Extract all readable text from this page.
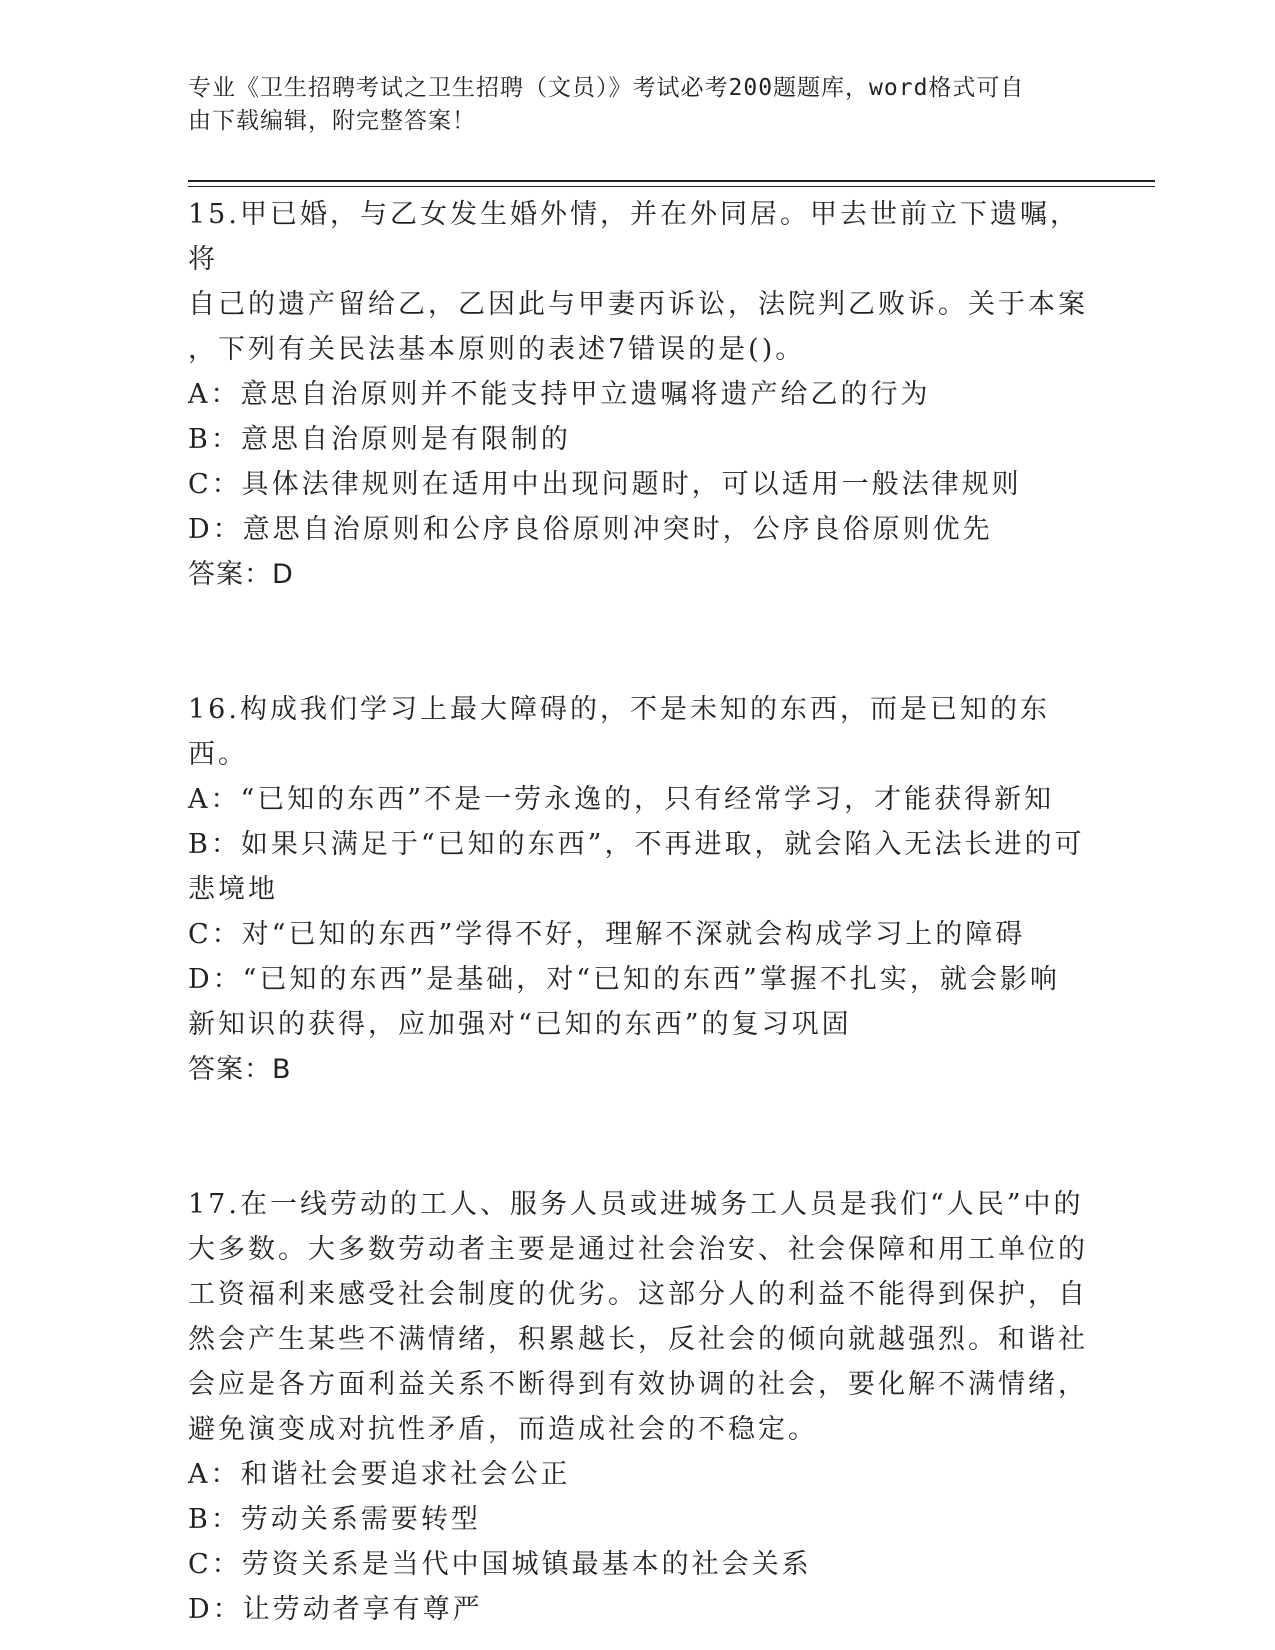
专业《卫生招聘考试之卫生招聘（文员）》考试必考200题题库，word格式可自
由下载编辑，附完整答案！
15.甲已婚，与乙女发生婚外情，并在外同居。甲去世前立下遗嘱，将
自己的遗产留给乙，乙因此与甲妻丙诉讼，法院判乙败诉。关于本案
，下列有关民法基本原则的表述7错误的是()。
A：意思自治原则并不能支持甲立遗嘱将遗产给乙的行为
B：意思自治原则是有限制的
C：具体法律规则在适用中出现问题时，可以适用一般法律规则
D：意思自治原则和公序良俗原则冲突时，公序良俗原则优先
答案：D
16.构成我们学习上最大障碍的，不是未知的东西，而是已知的东西。
A：“已知的东西”不是一劳永逸的，只有经常学习，才能获得新知
B：如果只满足于“已知的东西”，不再进取，就会陷入无法长进的可
悲境地
C：对“已知的东西”学得不好，理解不深就会构成学习上的障碍
D：“已知的东西”是基础，对“已知的东西”掌握不扎实，就会影响
新知识的获得，应加强对“已知的东西”的复习巩固
答案：B
17.在一线劳动的工人、服务人员或进城务工人员是我们“人民”中的
大多数。大多数劳动者主要是通过社会治安、社会保障和用工单位的
工资福利来感受社会制度的优劣。这部分人的利益不能得到保护，自
然会产生某些不满情绪，积累越长，反社会的倾向就越强烈。和谐社
会应是各方面利益关系不断得到有效协调的社会，要化解不满情绪，
避免演变成对抗性矛盾，而造成社会的不稳定。
A：和谐社会要追求社会公正
B：劳动关系需要转型
C：劳资关系是当代中国城镇最基本的社会关系
D：让劳动者享有尊严
